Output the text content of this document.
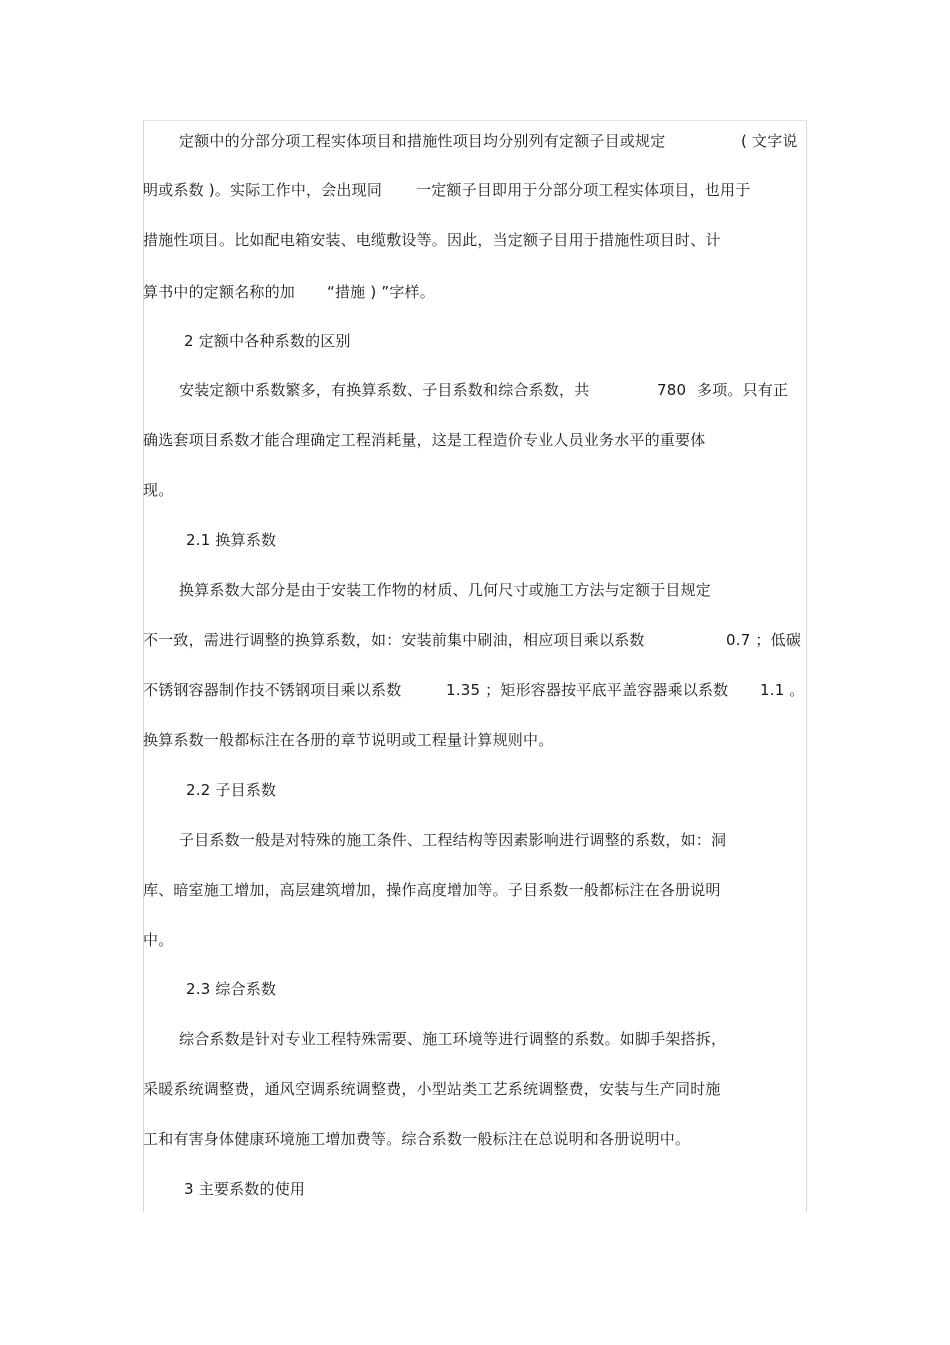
定额中的分部分项工程实体项目和措施性项目均分别列有定额子目或规定	( 文字说
明或系数 )。实际工作中，会出现同 一定额子目即用于分部分项工程实体项目，也用于
措施性项目。比如配电箱安装、电缆敷设等。因此，当定额子目用于措施性项目时、计
算书中的定额名称的加 “措施 ) ”字样。
2 定额中各种系数的区别
安装定额中系数繁多，有换算系数、子目系数和综合系数，共	780 多项。只有正
确选套项目系数才能合理确定工程消耗量，这是工程造价专业人员业务水平的重要体
现。
2.1 换算系数
换算系数大部分是由于安装工作物的材质、几何尺寸或施工方法与定额于目规定
不一致，需进行调整的换算系数，如：安装前集中刷油，相应项目乘以系数	0.7 ；低碳
不锈钢容器制作技不锈钢项目乘以系数	1.35 ；矩形容器按平底平盖容器乘以系数 1.1 。
换算系数一般都标注在各册的章节说明或工程量计算规则中。
2.2 子目系数
子目系数一般是对特殊的施工条件、工程结构等因素影响进行调整的系数，如：洞
库、暗室施工增加，高层建筑增加，操作高度增加等。子目系数一般都标注在各册说明
中。
2.3 综合系数
综合系数是针对专业工程特殊需要、施工环境等进行调整的系数。如脚手架搭拆，
采暖系统调整费，通风空调系统调整费，小型站类工艺系统调整费，安装与生产同时施
工和有害身体健康环境施工增加费等。综合系数一般标注在总说明和各册说明中。
3 主要系数的使用
